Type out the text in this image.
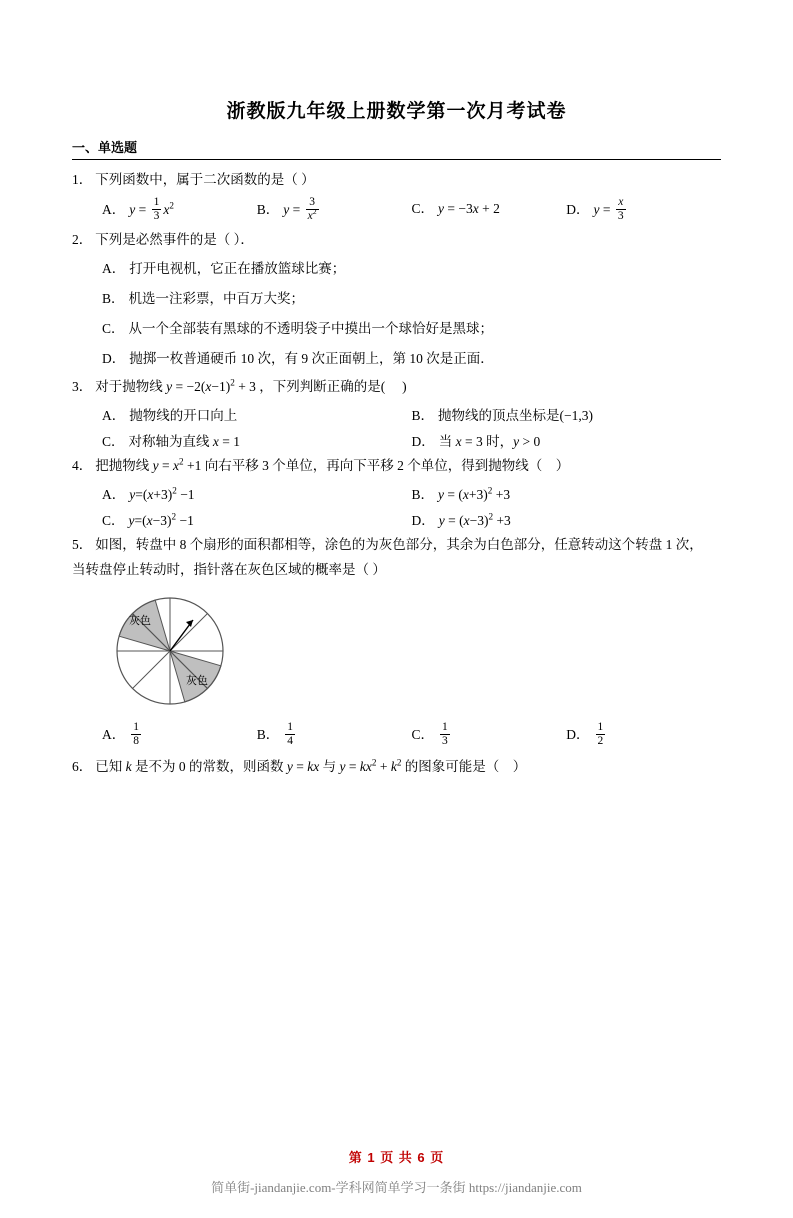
浙教版九年级上册数学第一次月考试卷
一、单选题
1． 下列函数中，属于二次函数的是（ ）
A． $y = \frac{1}{3} x^2$	B． $y = \frac{3}{x^2}$	C． y = −3x + 2	D． $y = \frac{x}{3}$
2． 下列是必然事件的是（ ）．
A． 打开电视机，它正在播放篮球比赛；
B． 机选一注彩票，中百万大奖；
C． 从一个全部装有黑球的不透明袋子中摸出一个球恰好是黑球；
D． 抛掷一枚普通硬币 10 次，有 9 次正面朝上，第 10 次是正面．
3． 对于抛物线 $y = -2(x-1)^2 + 3$ ，下列判断正确的是(     )
A． 抛物线的开口向上	B． 抛物线的顶点坐标是(−1,3)
C． 对称轴为直线 x = 1	D． 当 x = 3 时，y > 0
4． 把抛物线 $y = x^2 +1$ 向右平移 3 个单位，再向下平移 2 个单位，得到抛物线（    ）
A． $y=(x+3)^2 -1$	B． $y = (x+3)^2 +3$
C． $y=(x-3)^2 -1$	D． $y = (x-3)^2 +3$
5． 如图，转盘中 8 个扇形的面积都相等，涂色的为灰色部分，其余为白色部分，任意转动这个转盘 1 次，
当转盘停止转动时，指针落在灰色区域的概率是（ ）
灰色
灰色
A． $\frac{1}{8}$	B． $\frac{1}{4}$	C． $\frac{1}{3}$	D． $\frac{1}{2}$
6． 已知 k 是不为 0 的常数，则函数 y = kx 与 $y = kx^2 + k^2$ 的图象可能是（    ）
第 1 页 共 6 页
简单街-jiandanjie.com-学科网简单学习一条街 https://jiandanjie.com
